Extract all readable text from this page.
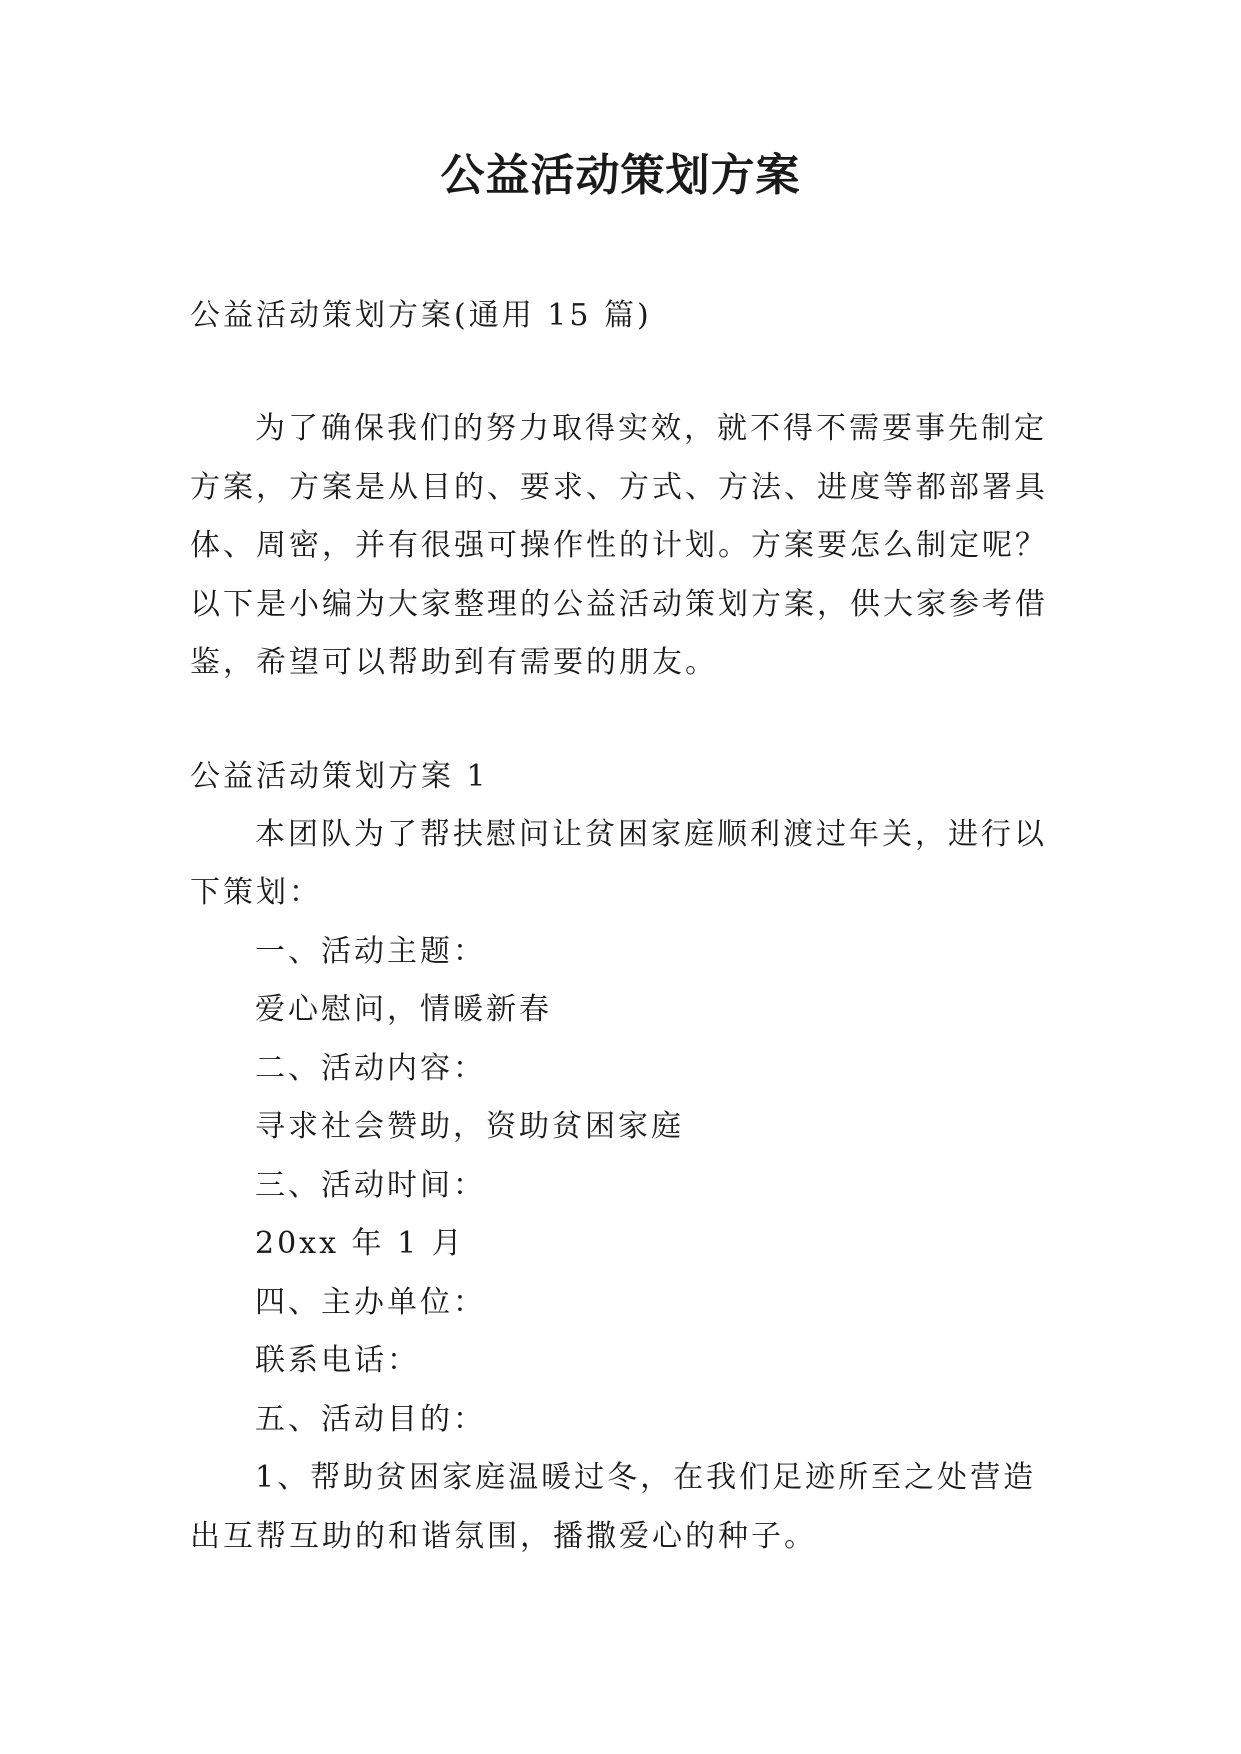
公益活动策划方案
公益活动策划方案(通用 15 篇)
为了确保我们的努力取得实效，就不得不需要事先制定
方案，方案是从目的、要求、方式、方法、进度等都部署具
体、周密，并有很强可操作性的计划。方案要怎么制定呢？
以下是小编为大家整理的公益活动策划方案，供大家参考借
鉴，希望可以帮助到有需要的朋友。
公益活动策划方案 1
本团队为了帮扶慰问让贫困家庭顺利渡过年关，进行以
下策划：
一、活动主题：
爱心慰问，情暖新春
二、活动内容：
寻求社会赞助，资助贫困家庭
三、活动时间：
20xx 年 1 月
四、主办单位：
联系电话：
五、活动目的：
1、帮助贫困家庭温暖过冬，在我们足迹所至之处营造
出互帮互助的和谐氛围，播撒爱心的种子。
